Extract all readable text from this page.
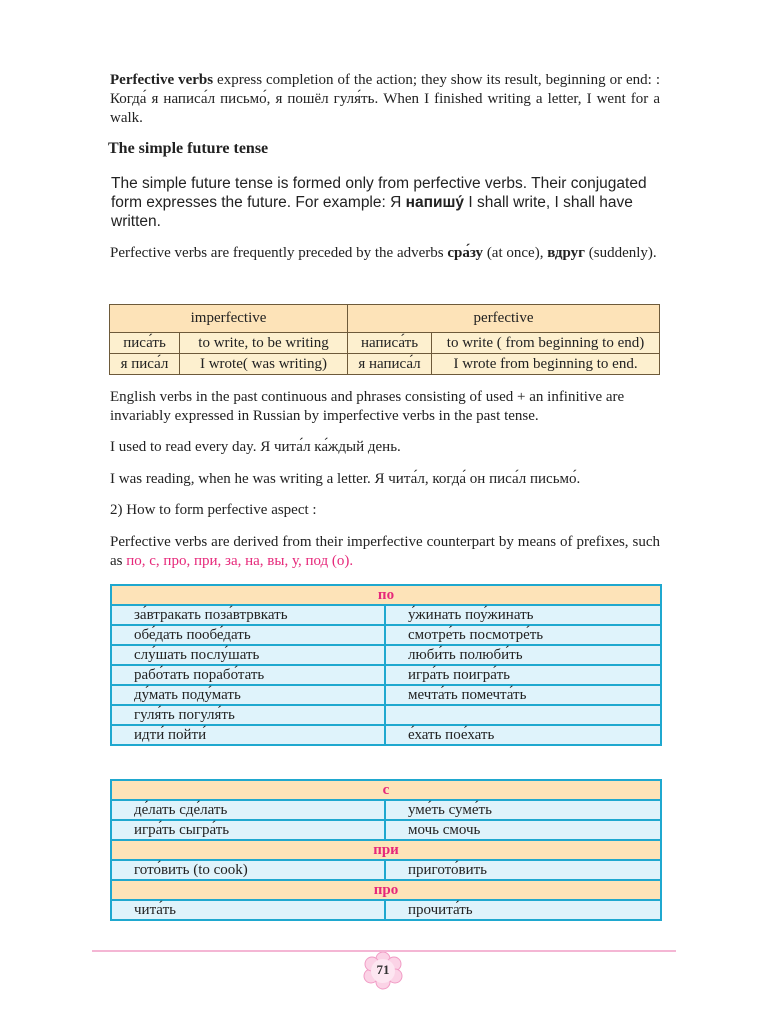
Perfective verbs express completion of the action; they show its result, beginning or end: : Когда́ я написа́л письмо́, я пошёл гуля́ть. When I finished writing a letter, I went for a walk.

The simple future tense

The simple future tense is formed only from perfective verbs. Their conjugated form expresses the future. For example: Я напишу́ I shall write, I shall have written.

Perfective verbs are frequently preceded by the adverbs сра́зу (at once), вдруг (suddenly).

imperfective		perfective	
писа́ть	to write, to be writing	написа́ть	to write ( from beginning to end)
я писа́л	I wrote( was writing)	я написа́л	I wrote from beginning to end.

English verbs in the past continuous and phrases consisting of used + an infinitive are invariably expressed in Russian by imperfective verbs in the past tense.

I used to read every day. Я чита́л ка́ждый день.

I was reading, when he was writing a letter. Я чита́л, когда́ он писа́л письмо́.

2) How to form perfective aspect :

Perfective verbs are derived from their imperfective counterpart by means of prefixes, such as по, с, про, при, за, на, вы, у, под (о).

по	
за́втракать поза́втрвкать	у́жинать поу́жинать
обе́дать пообе́дать	смотре́ть посмотре́ть
слу́шать послу́шать	люби́ть полюби́ть
рабо́тать порабо́тать	игра́ть поигра́ть
ду́мать поду́мать	мечта́ть помечта́ть
гуля́ть погуля́ть	
идти́ пойти́	е́хать пое́хать
с	
де́лать сде́лать	уме́ть суме́ть
игра́ть сыгра́ть	мочь смочь
при	
гото́вить (to cook)	пригото́вить
про	
чита́ть	прочита́ть
71
